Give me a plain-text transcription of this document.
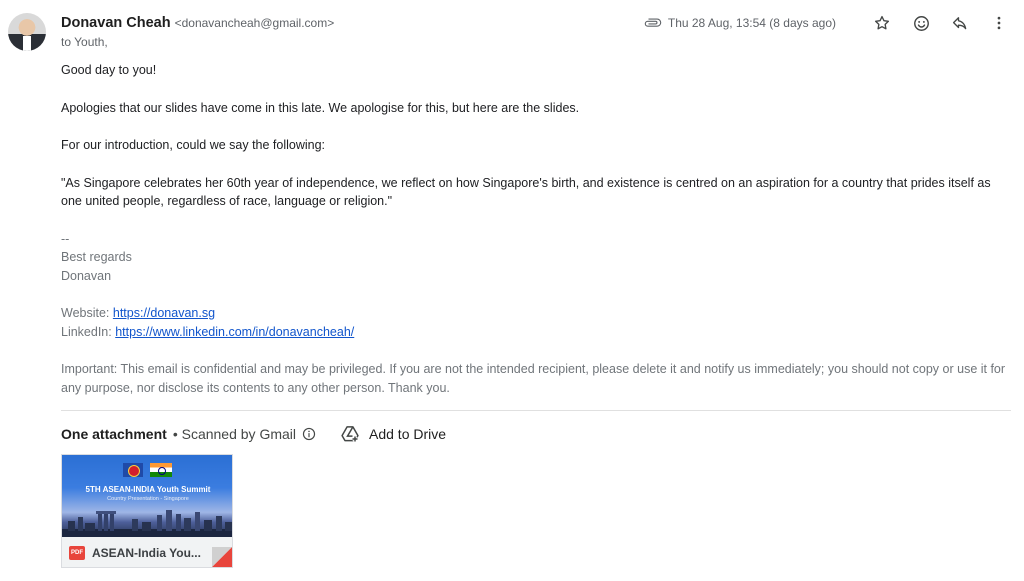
Donavan Cheah <donavancheah@gmail.com>
to Youth,
Thu 28 Aug, 13:54 (8 days ago)

Good day to you!

Apologies that our slides have come in this late. We apologise for this, but here are the slides.

For our introduction, could we say the following:

"As Singapore celebrates her 60th year of independence, we reflect on how Singapore's birth, and existence is centred on an aspiration for a country that prides itself as one united people, regardless of race, language or religion."

--

Best regards

Donavan

Website: https://donavan.sg

LinkedIn: https://www.linkedin.com/in/donavancheah/

Important: This email is confidential and may be privileged. If you are not the intended recipient, please delete it and notify us immediately; you should not copy or use it for any purpose, nor disclose its contents to any other person. Thank you.

One attachment • Scanned by Gmail	Add to Drive
5TH ASEAN-INDIA Youth Summit
Country Presentation - Singapore
PDF ASEAN-India You...
